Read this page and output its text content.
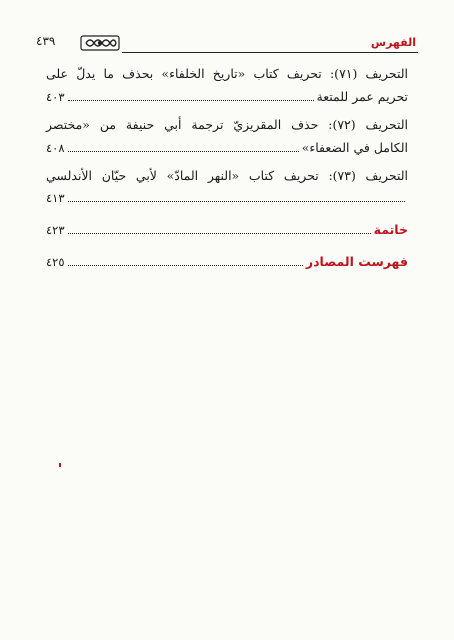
٤٣٩	الفهرس

التحريف (٧١): تحريف كتاب «تاريخ الخلفاء» بحذف ما يدلّ على

تحريم عمر للمتعة
٤٠٣

التحريف (٧٢): حذف المقريزيّ ترجمة أبي حنيفة من «مختصر

الكامل في الضعفاء»
٤٠٨

التحريف (٧٣): تحريف كتاب «النهر المادّ» لأبي حيّان الأندلسي

٤١٣
خاتمة
٤٢٣
فهرست المصادر
٤٢٥
